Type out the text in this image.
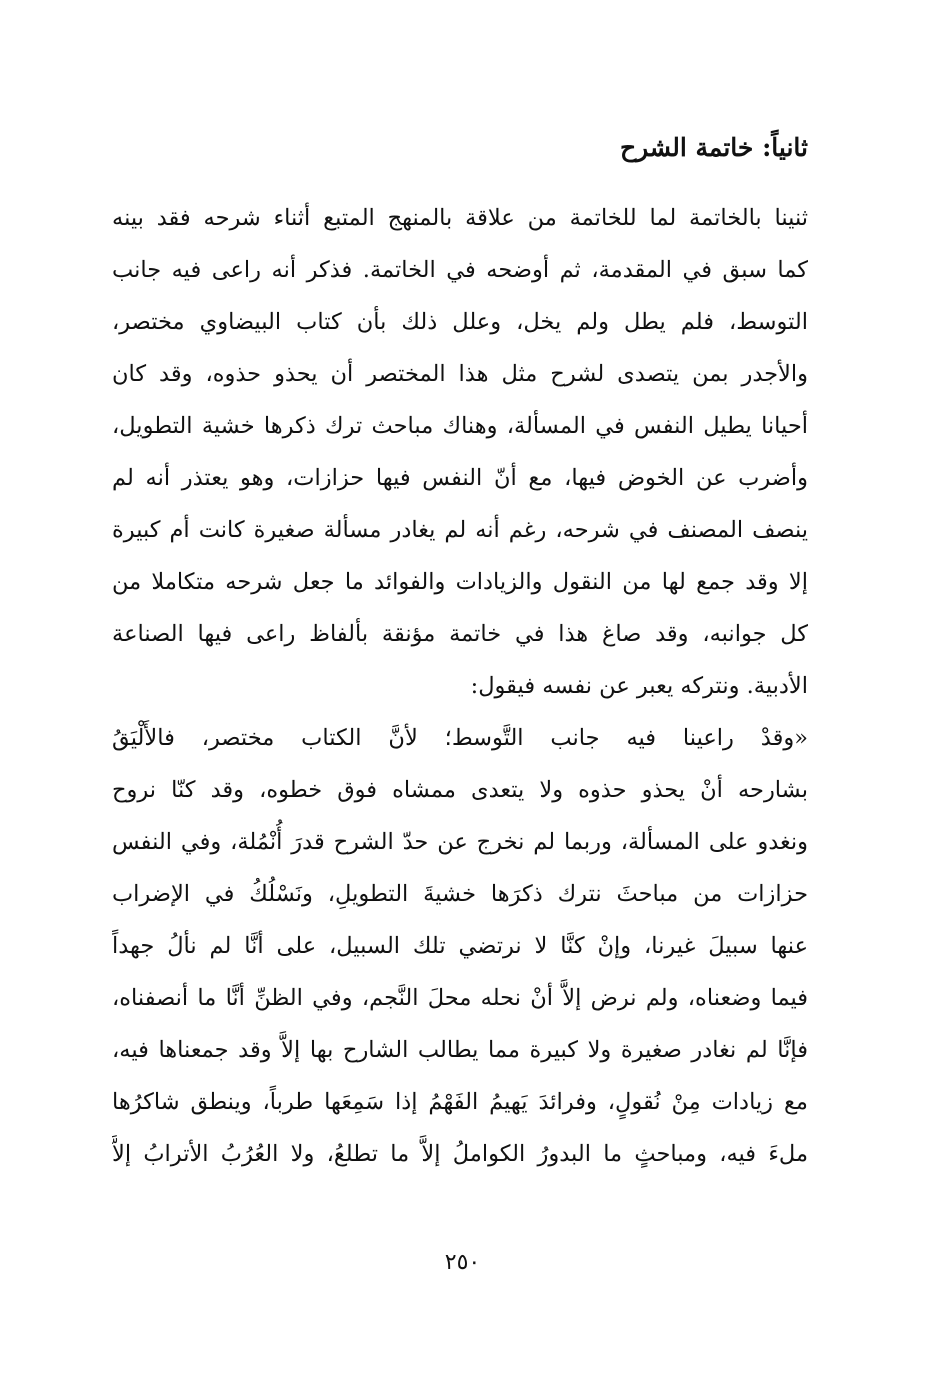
ثانياً: خاتمة الشرح
ثنينا بالخاتمة لما للخاتمة من علاقة بالمنهج المتبع أثناء شرحه فقد بينه
كما سبق في المقدمة، ثم أوضحه في الخاتمة. فذكر أنه راعى فيه جانب
التوسط، فلم يطل ولم يخل، وعلل ذلك بأن كتاب البيضاوي مختصر،
والأجدر بمن يتصدى لشرح مثل هذا المختصر أن يحذو حذوه، وقد كان
أحيانا يطيل النفس في المسألة، وهناك مباحث ترك ذكرها خشية التطويل،
وأضرب عن الخوض فيها، مع أنّ النفس فيها حزازات، وهو يعتذر أنه لم
ينصف المصنف في شرحه، رغم أنه لم يغادر مسألة صغيرة كانت أم كبيرة
إلا وقد جمع لها من النقول والزيادات والفوائد ما جعل شرحه متكاملا من
كل جوانبه، وقد صاغ هذا في خاتمة مؤنقة بألفاظ راعى فيها الصناعة
الأدبية. ونتركه يعبر عن نفسه فيقول:
«وقدْ راعينا فيه جانب التَّوسط؛ لأنَّ الكتاب مختصر، فالأَلْيَقُ
بشارحه أنْ يحذو حذوه ولا يتعدى ممشاه فوق خطوه، وقد كنّا نروح
ونغدو على المسألة، وربما لم نخرج عن حدّ الشرح قدرَ أُنْمُلة، وفي النفس
حزازات من مباحثَ نترك ذكرَها خشيةَ التطويلِ، ونَسْلُكُ في الإضراب
عنها سبيلَ غيرنا، وإنْ كنَّا لا نرتضي تلك السبيل، على أنَّا لم نألُ جهداً
فيما وضعناه، ولم نرض إلاَّ أنْ نحله محلَ النَّجم، وفي الظنِّ أنَّا ما أنصفناه،
فإنَّا لم نغادر صغيرة ولا كبيرة مما يطالب الشارح بها إلاَّ وقد جمعناها فيه،
مع زيادات مِنْ نُقولٍ، وفرائدَ يَهيمُ الفَهْمُ إذا سَمِعَها طرباً، وينطق شاكرُها
ملءَ فيه، ومباحثٍ ما البدورُ الكواملُ إلاَّ ما تطلعُ، ولا العُرُبُ الأترابُ إلاَّ
٢٥٠
